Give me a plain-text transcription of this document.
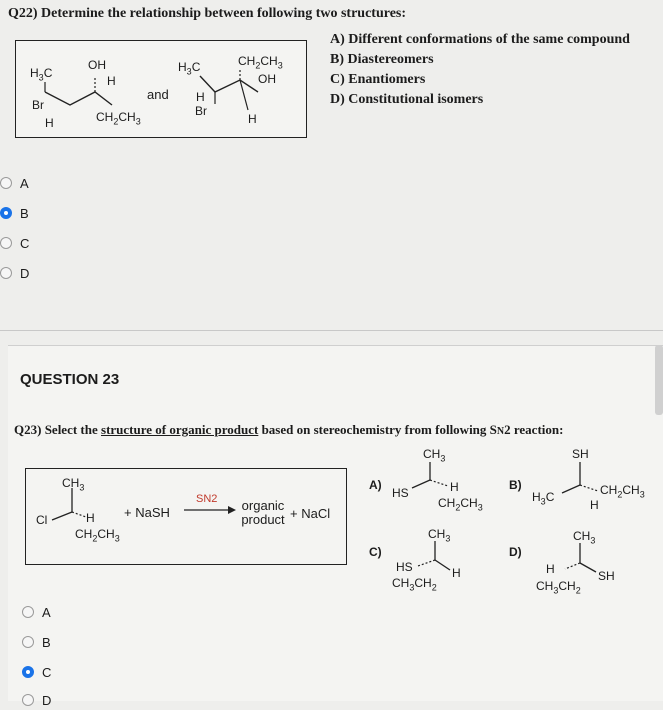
Q22) Determine the relationship between following two structures:
$H_3C$
OH
H
Br
H	$CH_2CH_3$
and
$H_3C$	$CH_2CH_3$
OH
H
Br
H
A) Different conformations of the same compound
B) Diastereomers
C) Enantiomers
D) Constitutional isomers
A
B
C
D
QUESTION 23
Q23) Select the structure of organic product based on stereochemistry from following SN2 reaction:
$CH_3$
Cl	H
$CH_2CH_3$
+ NaSH
SN2 organic product + NaCl
A)
$CH_3$
HS	H
$CH_2CH_3$
B)
SH
$H_3C$	$CH_2CH_3$
H
C)
$CH_3$
HS	H
$CH_3CH_2$
D)
$CH_3$
H	SH
$CH_3CH_2$
A
B
C
D
